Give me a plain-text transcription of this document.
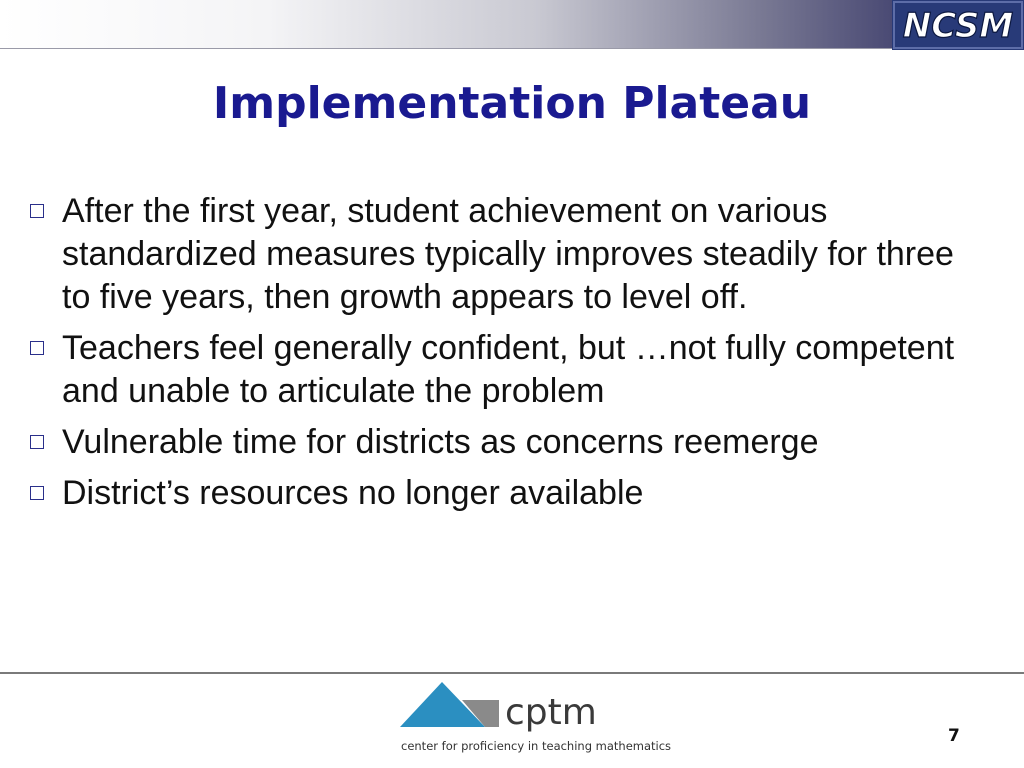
NCSM
Implementation Plateau
After the first year, student achievement on various standardized measures typically improves steadily for three to five years, then growth appears to level off.
Teachers feel generally confident, but …not fully competent and unable to articulate the problem
Vulnerable time for districts as concerns reemerge
District’s resources no longer available
cptm
center for proficiency in teaching mathematics	7
